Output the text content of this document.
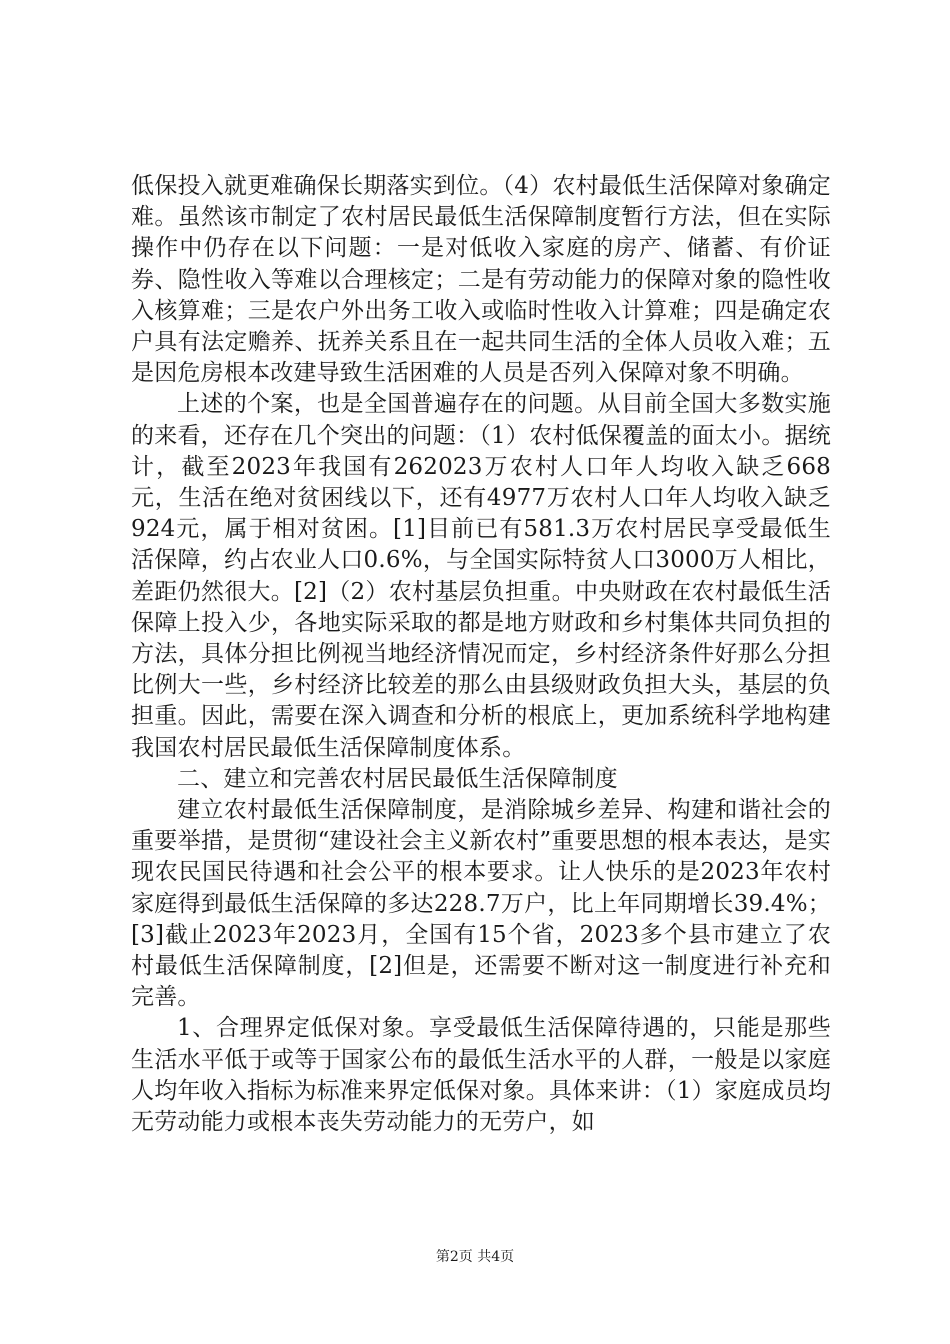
低保投入就更难确保长期落实到位。（4）农村最低生活保障对象确定难。虽然该市制定了农村居民最低生活保障制度暂行方法，但在实际操作中仍存在以下问题：一是对低收入家庭的房产、储蓄、有价证券、隐性收入等难以合理核定；二是有劳动能力的保障对象的隐性收入核算难；三是农户外出务工收入或临时性收入计算难；四是确定农户具有法定赡养、抚养关系且在一起共同生活的全体人员收入难；五是因危房根本改建导致生活困难的人员是否列入保障对象不明确。

上述的个案，也是全国普遍存在的问题。从目前全国大多数实施的来看，还存在几个突出的问题：（1）农村低保覆盖的面太小。据统计，截至2023年我国有262023万农村人口年人均收入缺乏668元，生活在绝对贫困线以下，还有4977万农村人口年人均收入缺乏924元，属于相对贫困。[1]目前已有581.3万农村居民享受最低生活保障，约占农业人口0.6%，与全国实际特贫人口3000万人相比，差距仍然很大。[2]（2）农村基层负担重。中央财政在农村最低生活保障上投入少，各地实际采取的都是地方财政和乡村集体共同负担的方法，具体分担比例视当地经济情况而定，乡村经济条件好那么分担比例大一些，乡村经济比较差的那么由县级财政负担大头，基层的负担重。因此，需要在深入调查和分析的根底上，更加系统科学地构建我国农村居民最低生活保障制度体系。

二、建立和完善农村居民最低生活保障制度

建立农村最低生活保障制度，是消除城乡差异、构建和谐社会的重要举措，是贯彻“建设社会主义新农村”重要思想的根本表达，是实现农民国民待遇和社会公平的根本要求。让人快乐的是2023年农村家庭得到最低生活保障的多达228.7万户，比上年同期增长39.4%；[3]截止2023年2023月，全国有15个省，2023多个县市建立了农村最低生活保障制度，[2]但是，还需要不断对这一制度进行补充和完善。

1、合理界定低保对象。享受最低生活保障待遇的，只能是那些生活水平低于或等于国家公布的最低生活水平的人群，一般是以家庭人均年收入指标为标准来界定低保对象。具体来讲：（1）家庭成员均无劳动能力或根本丧失劳动能力的无劳户，如

第2页 共4页
